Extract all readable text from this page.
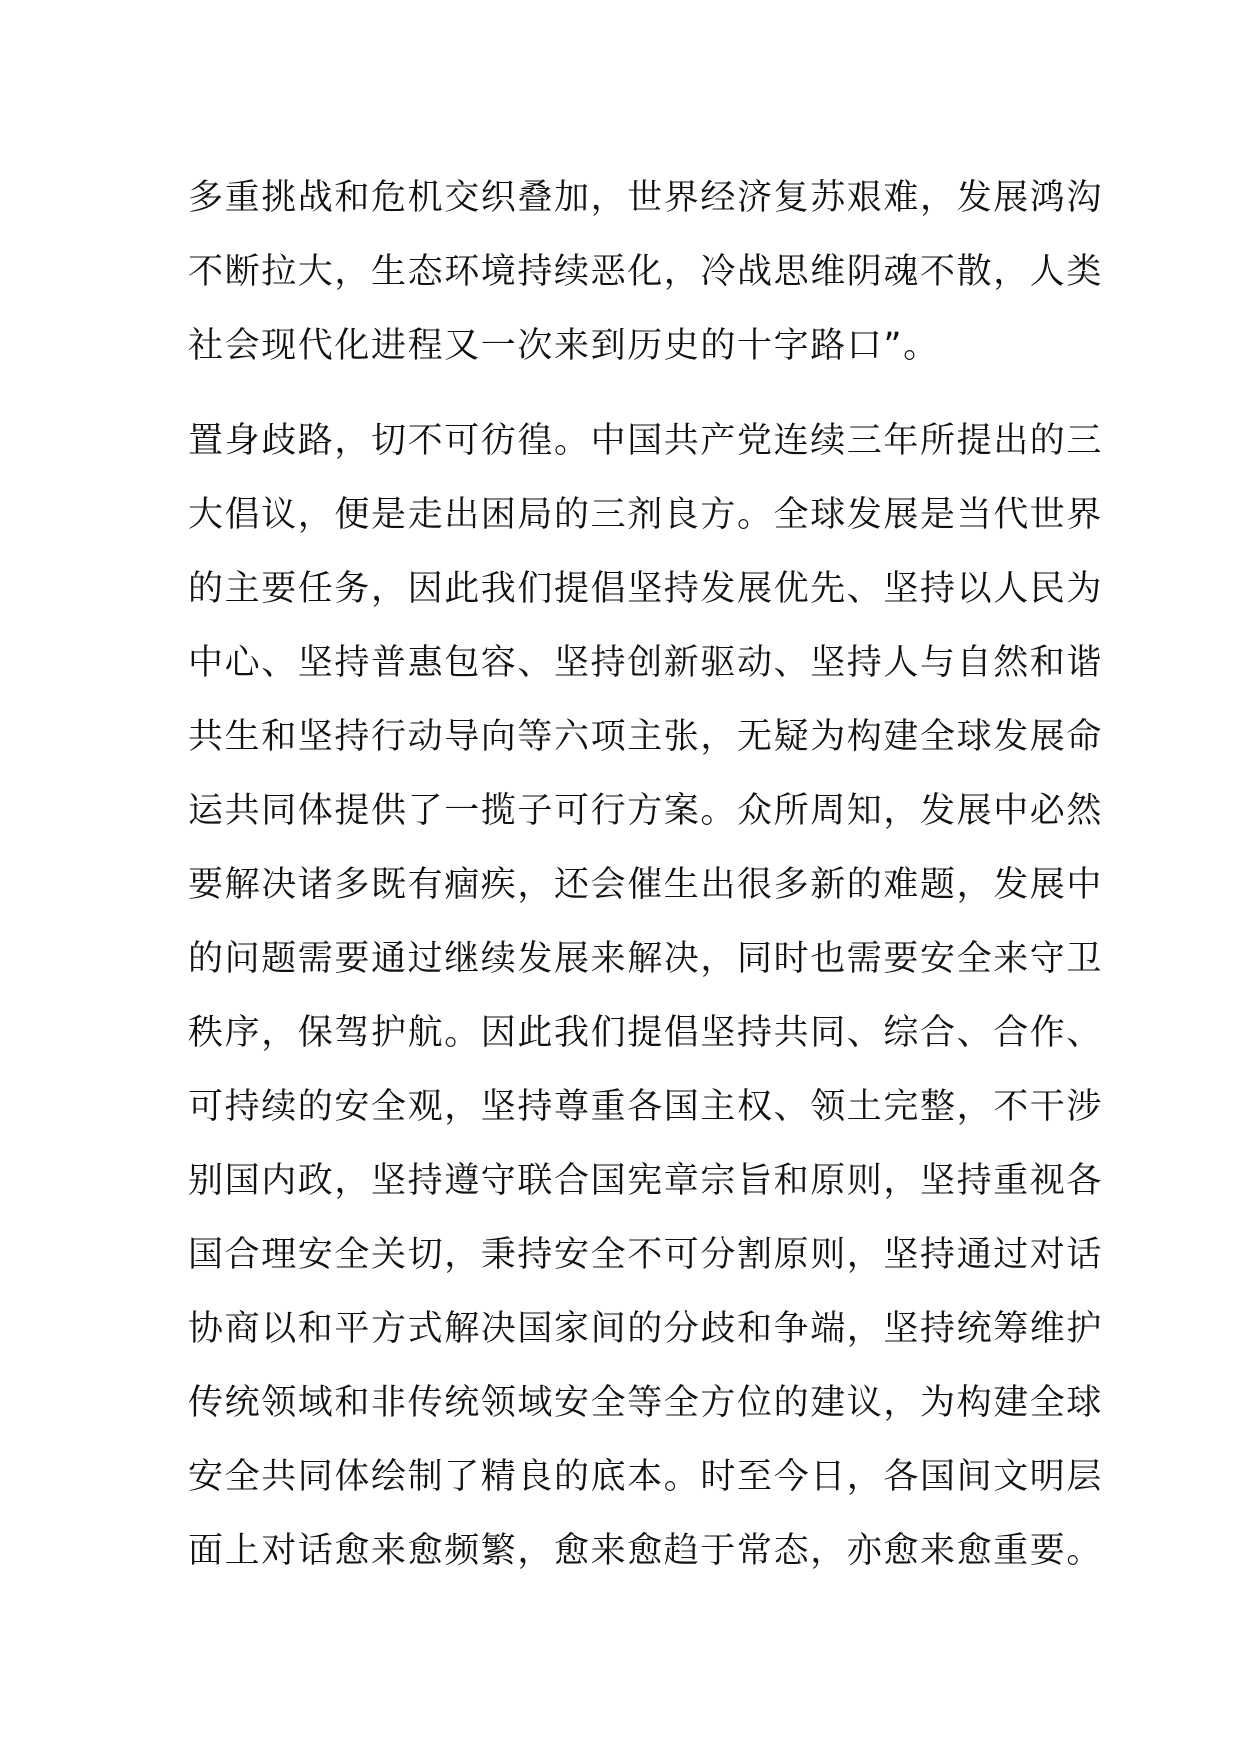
多重挑战和危机交织叠加，世界经济复苏艰难，发展鸿沟
不断拉大，生态环境持续恶化，冷战思维阴魂不散，人类
社会现代化进程又一次来到历史的十字路口”。
置身歧路，切不可彷徨。中国共产党连续三年所提出的三
大倡议，便是走出困局的三剂良方。全球发展是当代世界
的主要任务，因此我们提倡坚持发展优先、坚持以人民为
中心、坚持普惠包容、坚持创新驱动、坚持人与自然和谐
共生和坚持行动导向等六项主张，无疑为构建全球发展命
运共同体提供了一揽子可行方案。众所周知，发展中必然
要解决诸多既有痼疾，还会催生出很多新的难题，发展中
的问题需要通过继续发展来解决，同时也需要安全来守卫
秩序，保驾护航。因此我们提倡坚持共同、综合、合作、
可持续的安全观，坚持尊重各国主权、领土完整，不干涉
别国内政，坚持遵守联合国宪章宗旨和原则，坚持重视各
国合理安全关切，秉持安全不可分割原则，坚持通过对话
协商以和平方式解决国家间的分歧和争端，坚持统筹维护
传统领域和非传统领域安全等全方位的建议，为构建全球
安全共同体绘制了精良的底本。时至今日，各国间文明层
面上对话愈来愈频繁，愈来愈趋于常态，亦愈来愈重要。
